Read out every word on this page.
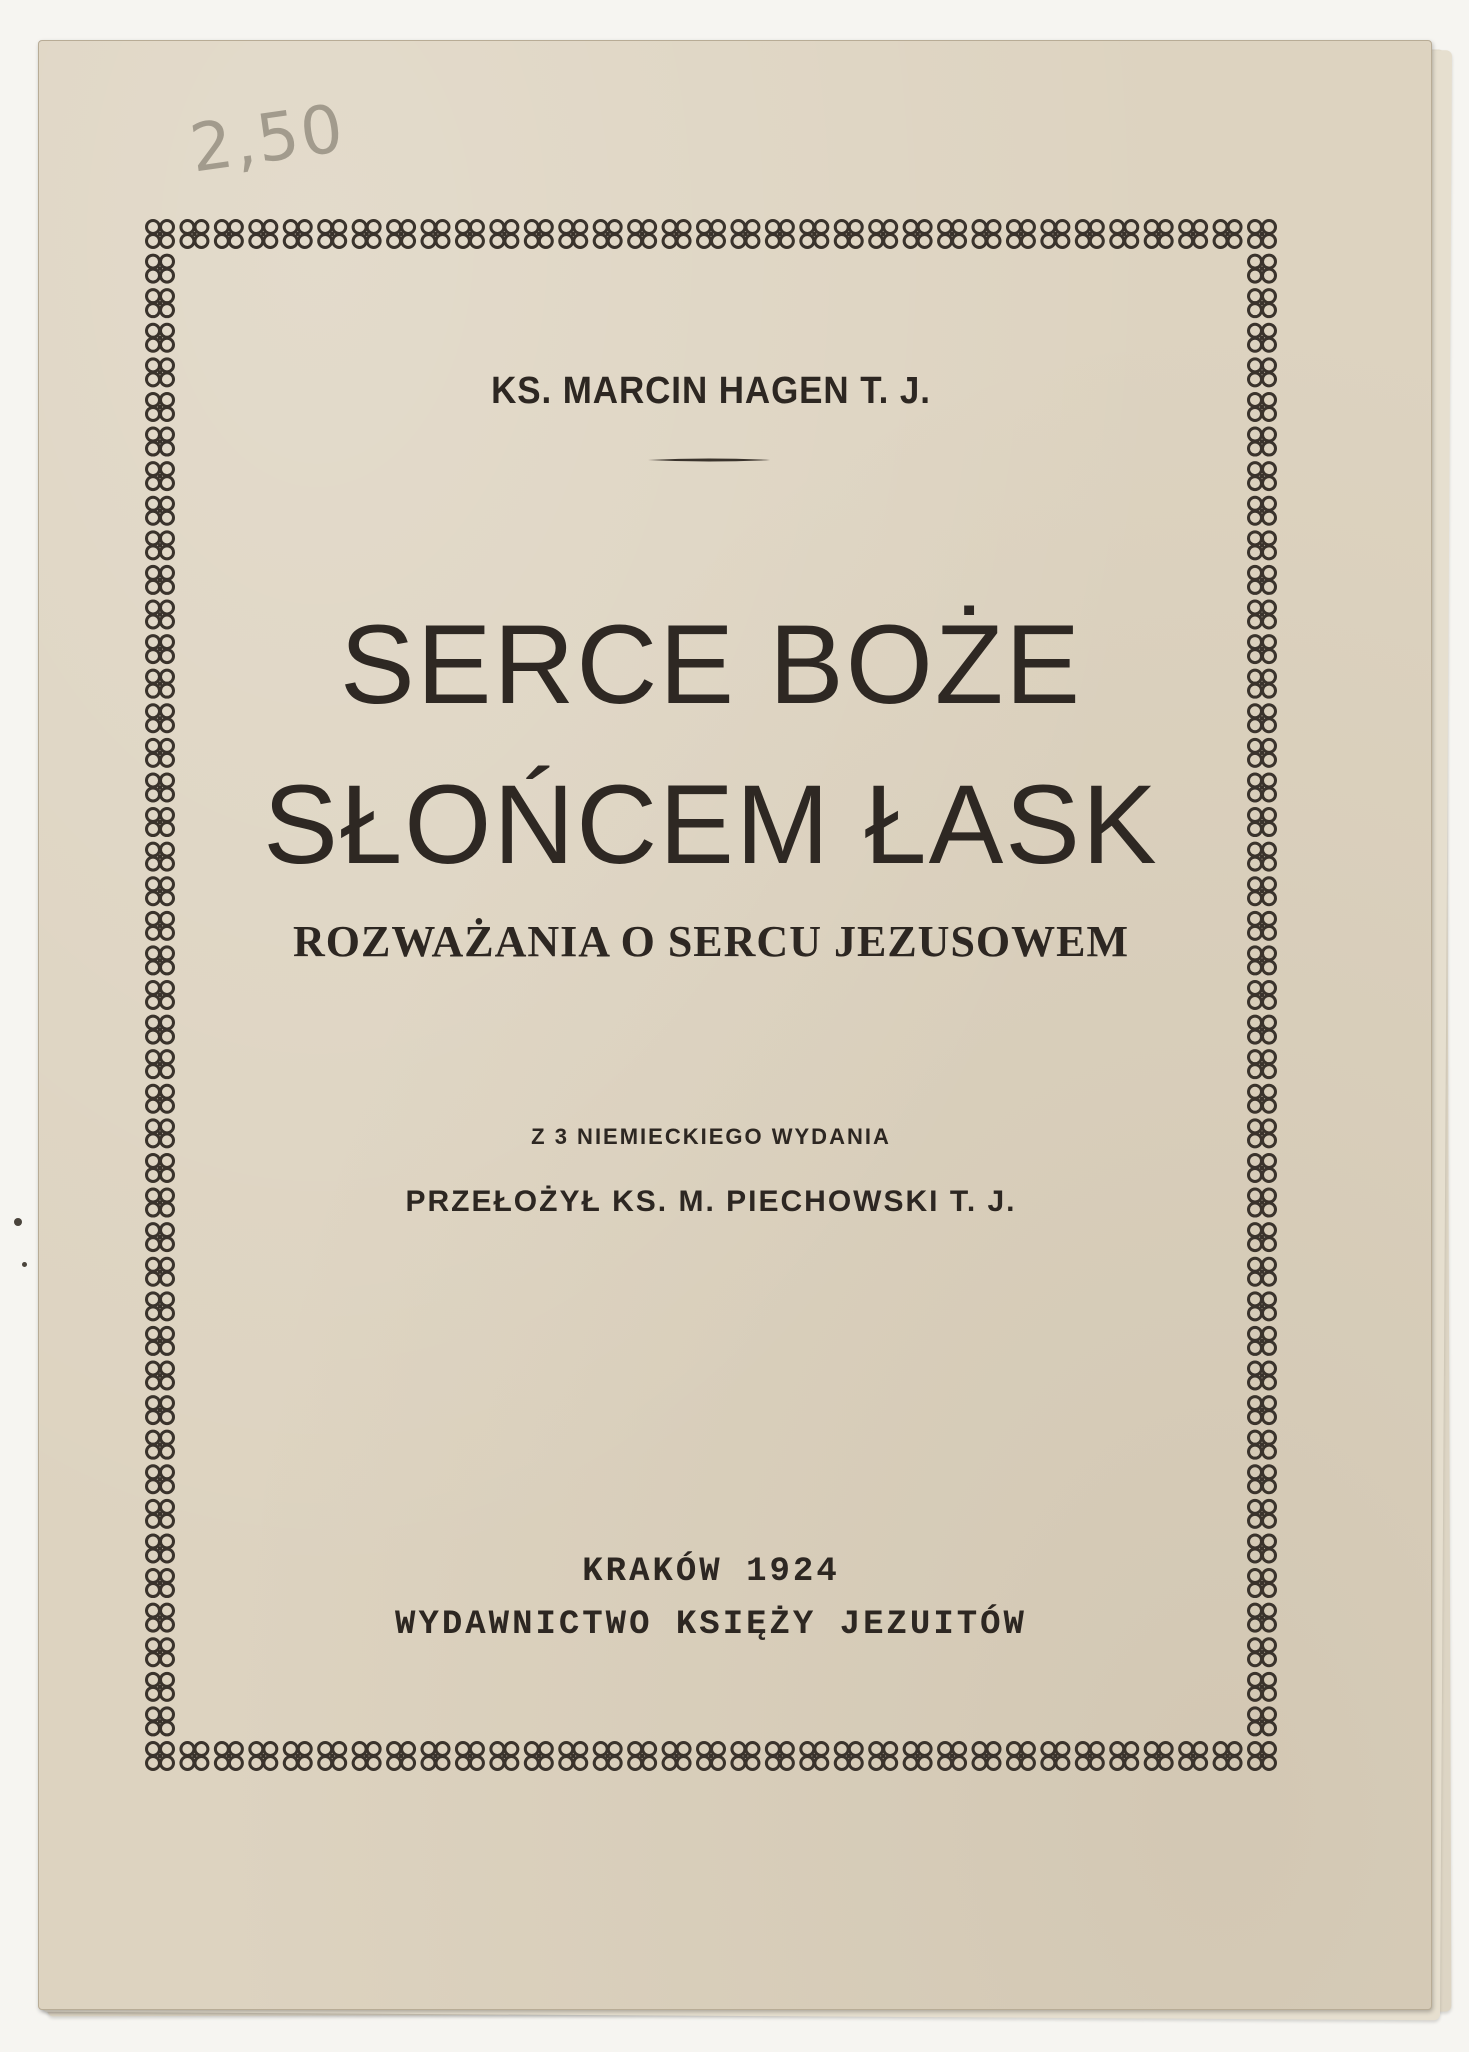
2,50
KS. MARCIN HAGEN T. J.
SERCE BOŻE
SŁOŃCEM ŁASK
ROZWAŻANIA O SERCU JEZUSOWEM
Z 3 NIEMIECKIEGO WYDANIA
PRZEŁOŻYŁ KS. M. PIECHOWSKI T. J.
KRAKÓW 1924
WYDAWNICTWO KSIĘŻY JEZUITÓW
